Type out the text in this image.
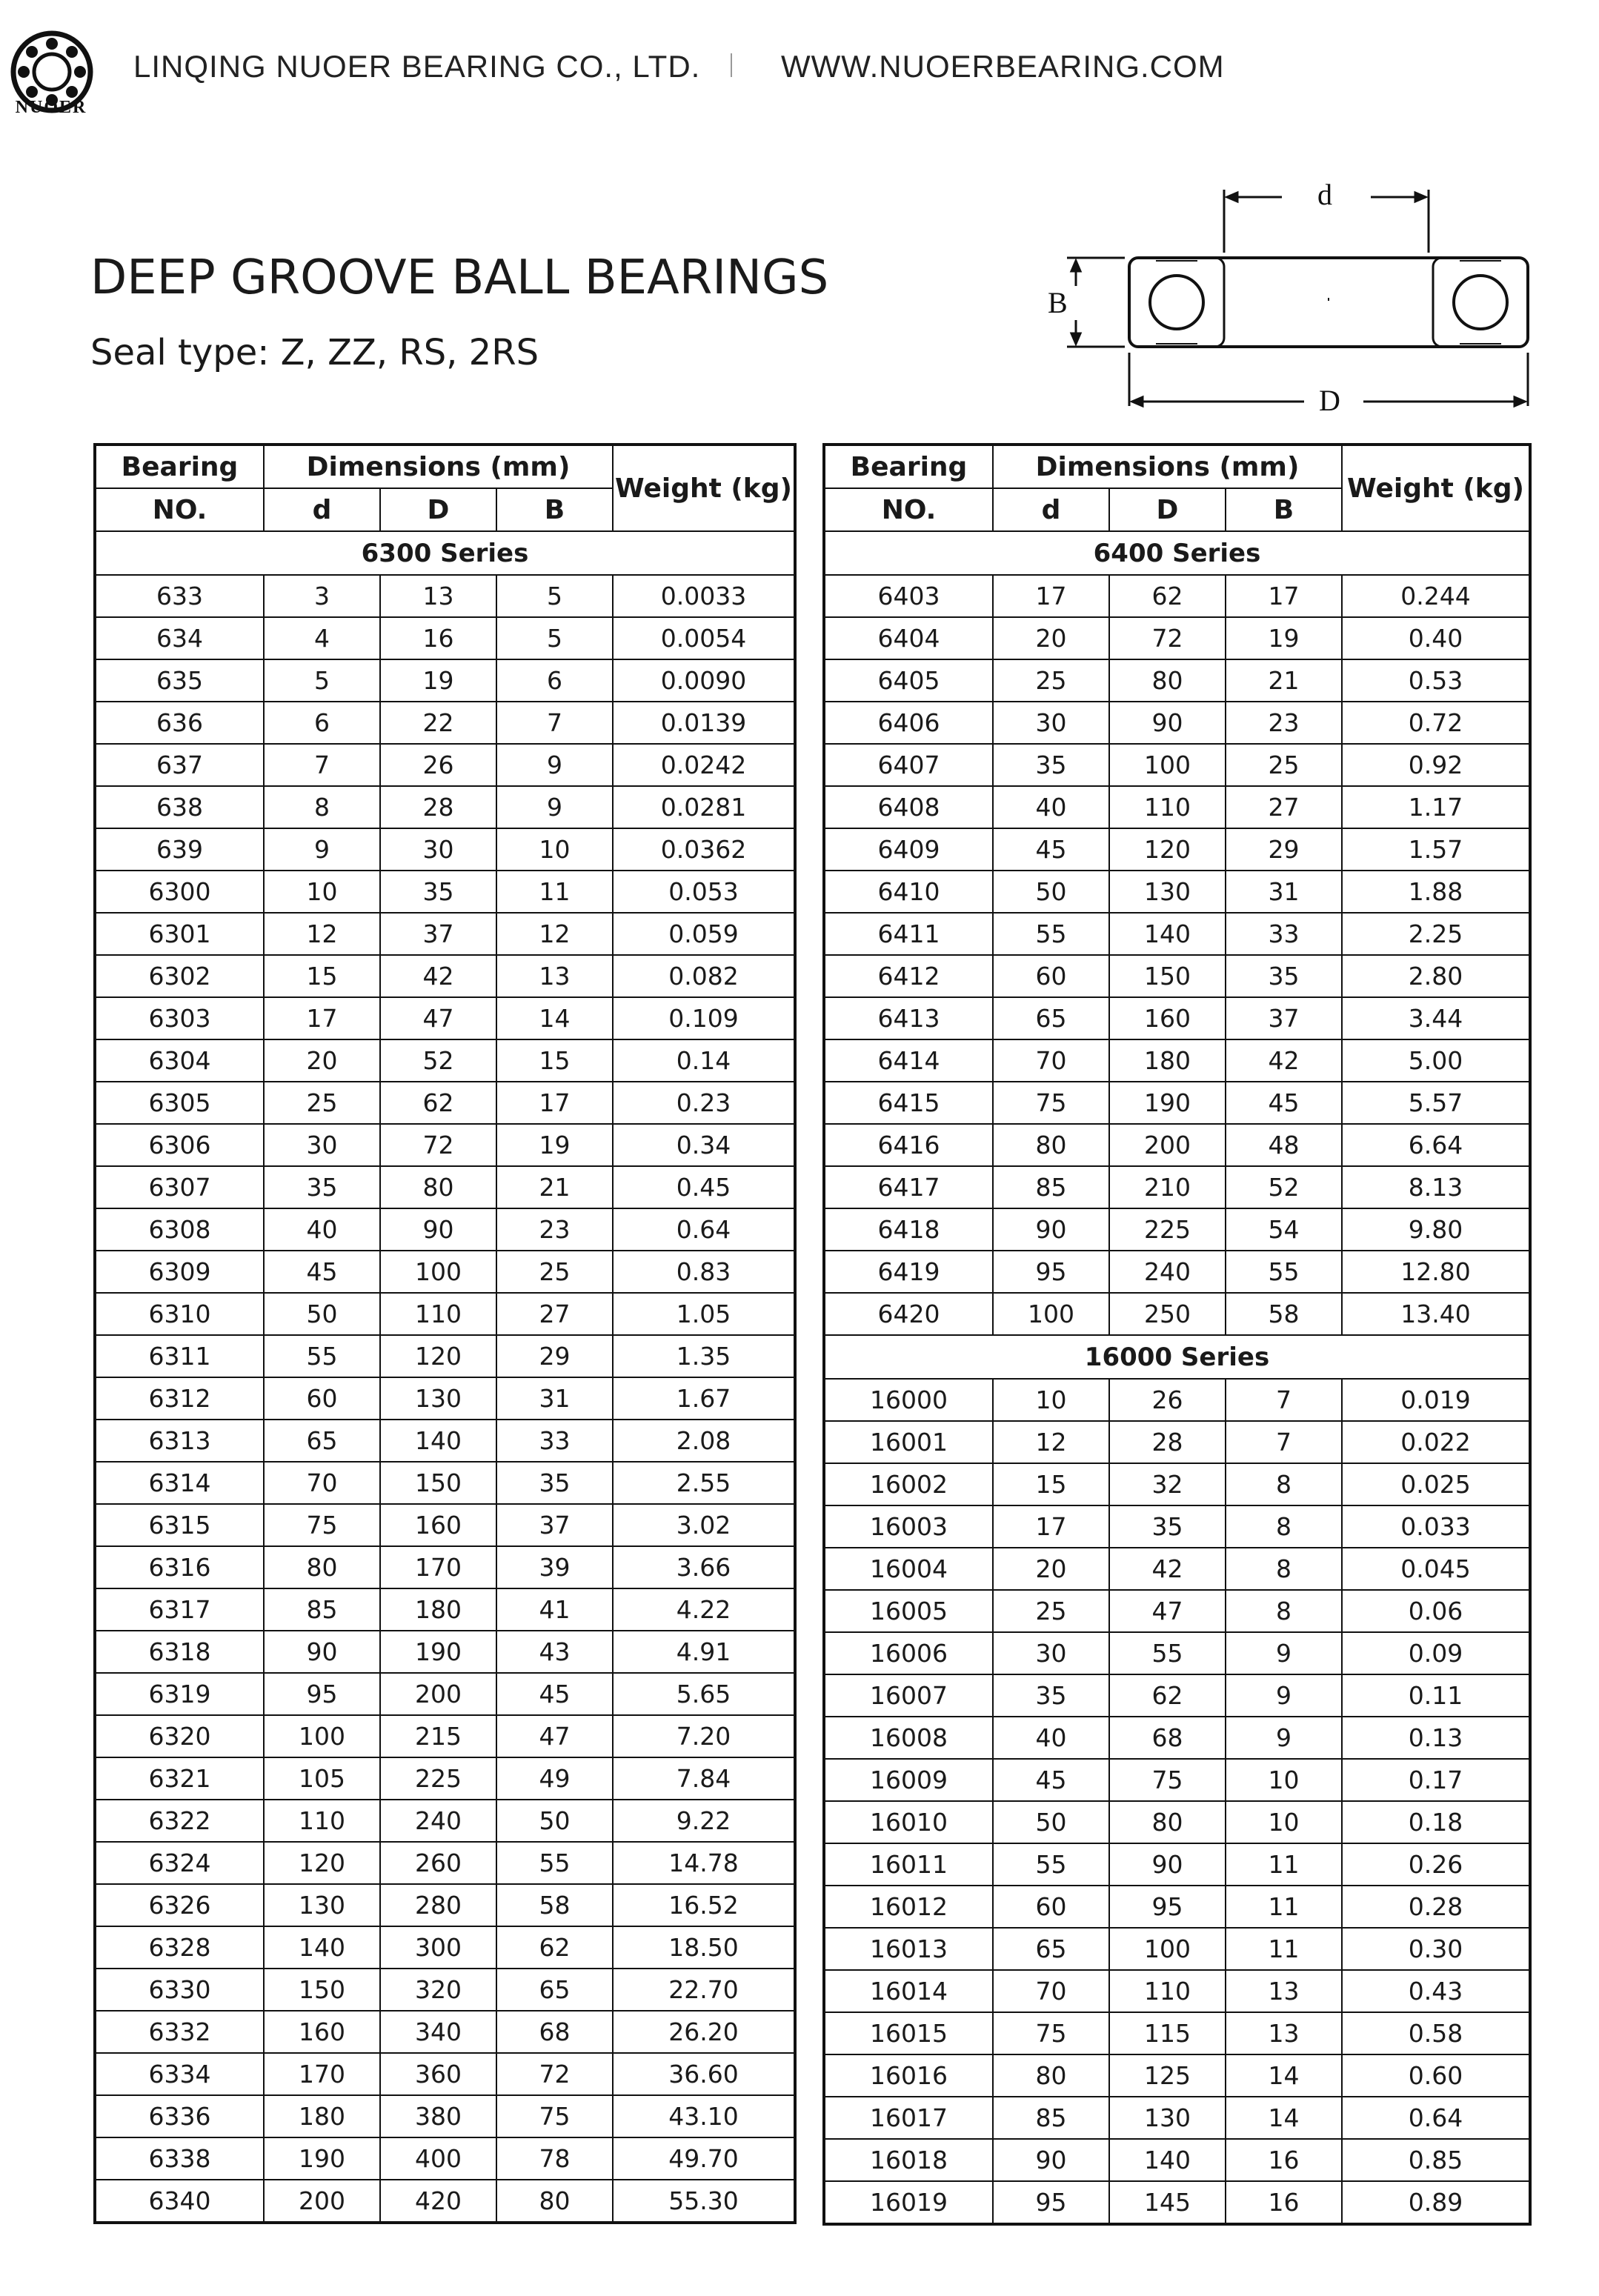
NUOER
LINQING NUOER BEARING CO., LTD.	WWW.NUOERBEARING.COM
DEEP GROOVE BALL BEARINGS
Seal type: Z, ZZ, RS, 2RS
d
B
D
Bearing	Dimensions (mm)			Weight (kg)
NO.	d	D	B	
6300 Series				
633	3	13	5	0.0033
634	4	16	5	0.0054
635	5	19	6	0.0090
636	6	22	7	0.0139
637	7	26	9	0.0242
638	8	28	9	0.0281
639	9	30	10	0.0362
6300	10	35	11	0.053
6301	12	37	12	0.059
6302	15	42	13	0.082
6303	17	47	14	0.109
6304	20	52	15	0.14
6305	25	62	17	0.23
6306	30	72	19	0.34
6307	35	80	21	0.45
6308	40	90	23	0.64
6309	45	100	25	0.83
6310	50	110	27	1.05
6311	55	120	29	1.35
6312	60	130	31	1.67
6313	65	140	33	2.08
6314	70	150	35	2.55
6315	75	160	37	3.02
6316	80	170	39	3.66
6317	85	180	41	4.22
6318	90	190	43	4.91
6319	95	200	45	5.65
6320	100	215	47	7.20
6321	105	225	49	7.84
6322	110	240	50	9.22
6324	120	260	55	14.78
6326	130	280	58	16.52
6328	140	300	62	18.50
6330	150	320	65	22.70
6332	160	340	68	26.20
6334	170	360	72	36.60
6336	180	380	75	43.10
6338	190	400	78	49.70
6340	200	420	80	55.30
Bearing	Dimensions (mm)			Weight (kg)
NO.	d	D	B	
6400 Series				
6403	17	62	17	0.244
6404	20	72	19	0.40
6405	25	80	21	0.53
6406	30	90	23	0.72
6407	35	100	25	0.92
6408	40	110	27	1.17
6409	45	120	29	1.57
6410	50	130	31	1.88
6411	55	140	33	2.25
6412	60	150	35	2.80
6413	65	160	37	3.44
6414	70	180	42	5.00
6415	75	190	45	5.57
6416	80	200	48	6.64
6417	85	210	52	8.13
6418	90	225	54	9.80
6419	95	240	55	12.80
6420	100	250	58	13.40
16000 Series				
16000	10	26	7	0.019
16001	12	28	7	0.022
16002	15	32	8	0.025
16003	17	35	8	0.033
16004	20	42	8	0.045
16005	25	47	8	0.06
16006	30	55	9	0.09
16007	35	62	9	0.11
16008	40	68	9	0.13
16009	45	75	10	0.17
16010	50	80	10	0.18
16011	55	90	11	0.26
16012	60	95	11	0.28
16013	65	100	11	0.30
16014	70	110	13	0.43
16015	75	115	13	0.58
16016	80	125	14	0.60
16017	85	130	14	0.64
16018	90	140	16	0.85
16019	95	145	16	0.89
